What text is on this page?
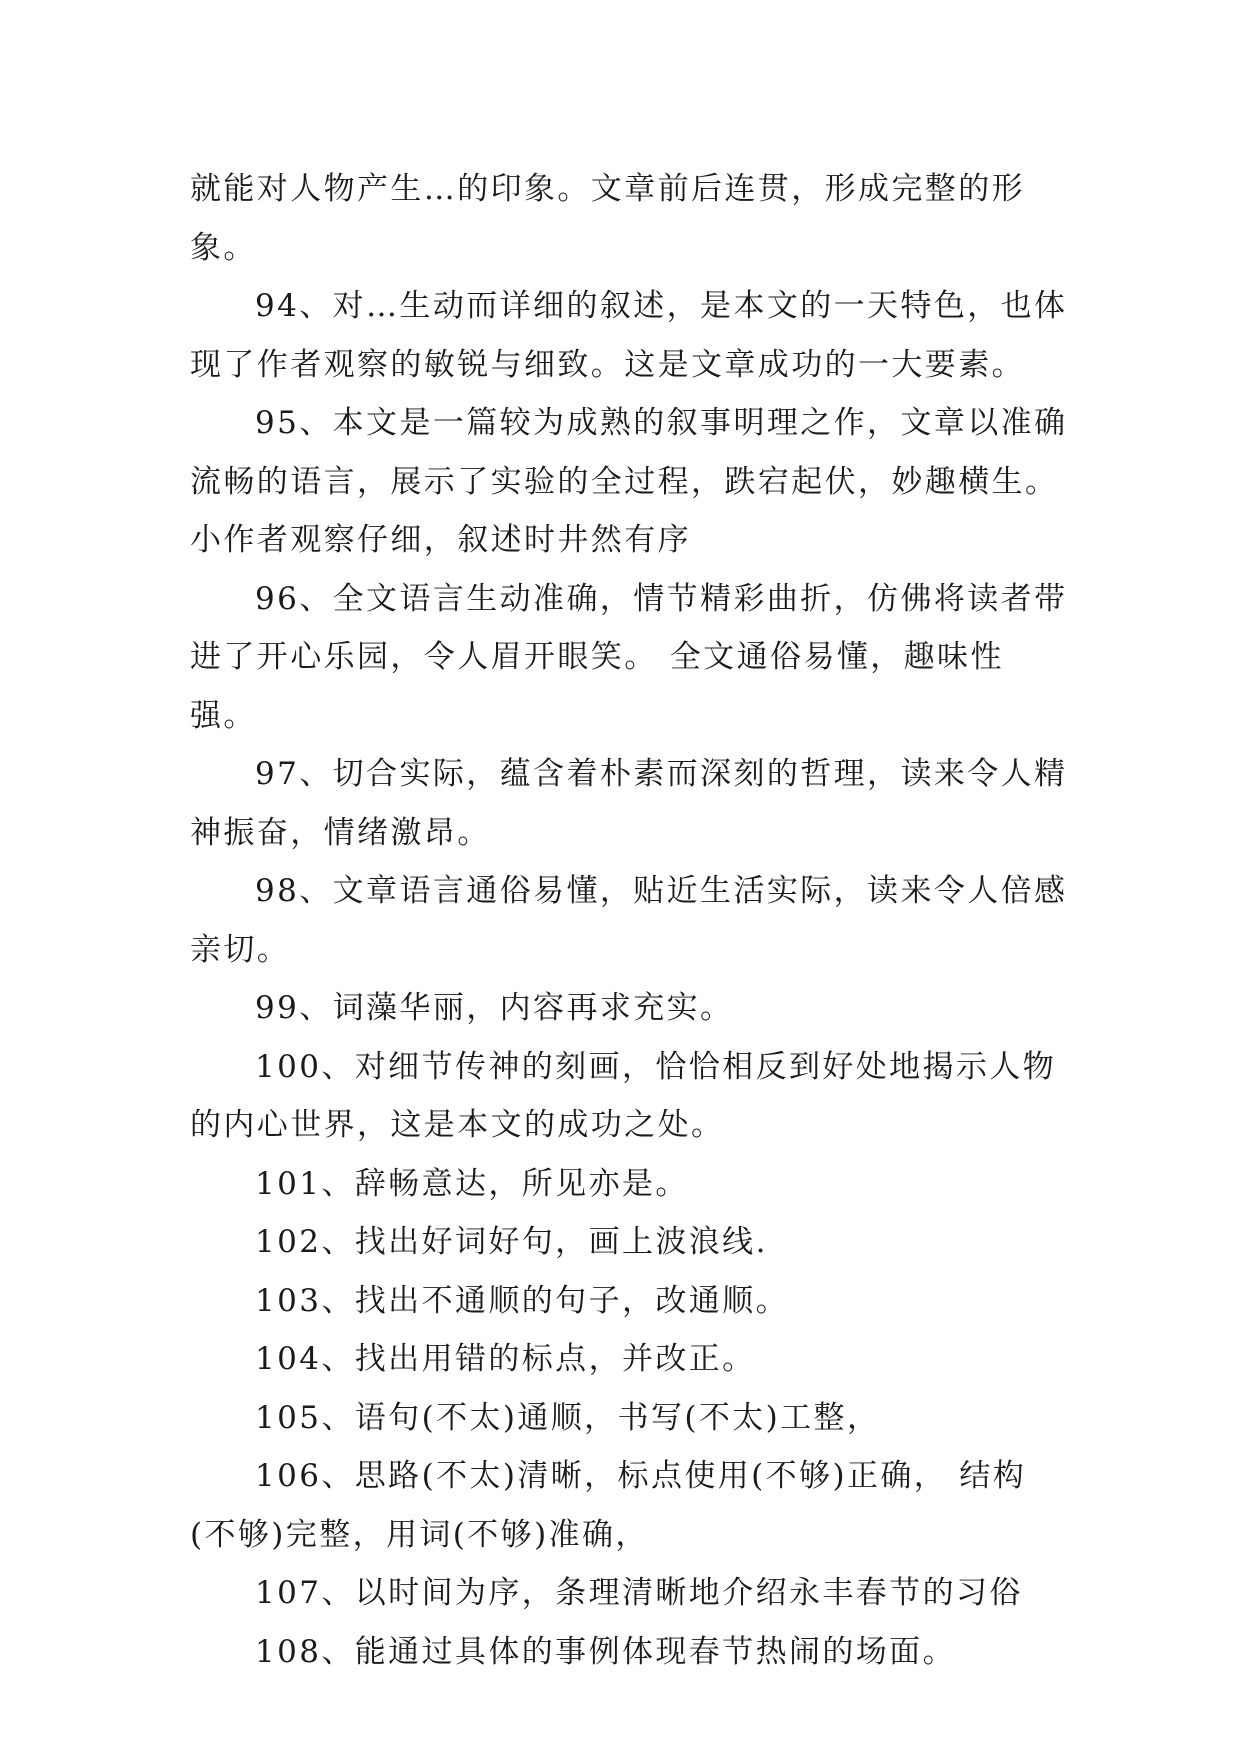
就能对人物产生…的印象。文章前后连贯，形成完整的形象。

94、对…生动而详细的叙述，是本文的一天特色，也体现了作者观察的敏锐与细致。这是文章成功的一大要素。

95、本文是一篇较为成熟的叙事明理之作，文章以准确流畅的语言，展示了实验的全过程，跌宕起伏，妙趣横生。小作者观察仔细，叙述时井然有序

96、全文语言生动准确，情节精彩曲折，仿佛将读者带进了开心乐园，令人眉开眼笑。 全文通俗易懂，趣味性强。

97、切合实际，蕴含着朴素而深刻的哲理，读来令人精神振奋，情绪激昂。

98、文章语言通俗易懂，贴近生活实际，读来令人倍感亲切。

99、词藻华丽，内容再求充实。

100、对细节传神的刻画，恰恰相反到好处地揭示人物的内心世界，这是本文的成功之处。

101、辞畅意达，所见亦是。

102、找出好词好句，画上波浪线.

103、找出不通顺的句子，改通顺。

104、找出用错的标点，并改正。

105、语句(不太)通顺，书写(不太)工整，

106、思路(不太)清晰，标点使用(不够)正确， 结构(不够)完整，用词(不够)准确，

107、以时间为序，条理清晰地介绍永丰春节的习俗

108、能通过具体的事例体现春节热闹的场面。
